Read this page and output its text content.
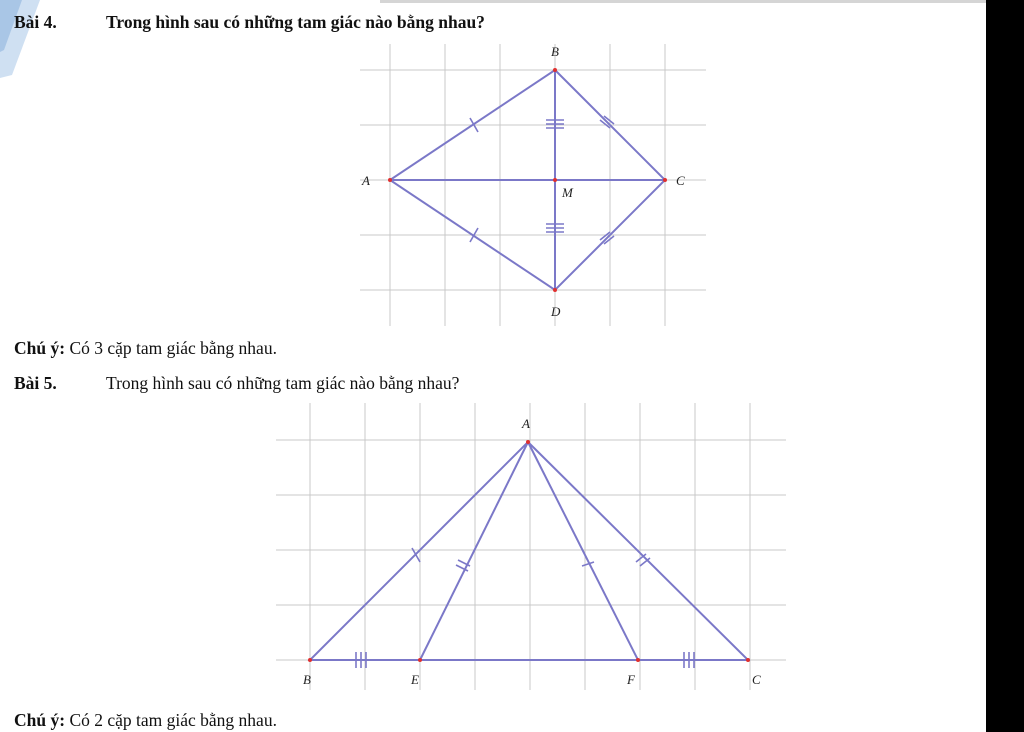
Bài 4.	Trong hình sau có những tam giác nào bằng nhau?
Chú ý: Có 3 cặp tam giác bằng nhau.
Bài 5.	Trong hình sau có những tam giác nào bằng nhau?
Chú ý: Có 2 cặp tam giác bằng nhau.
B
A
M
C
D
A
B	E	F	C
